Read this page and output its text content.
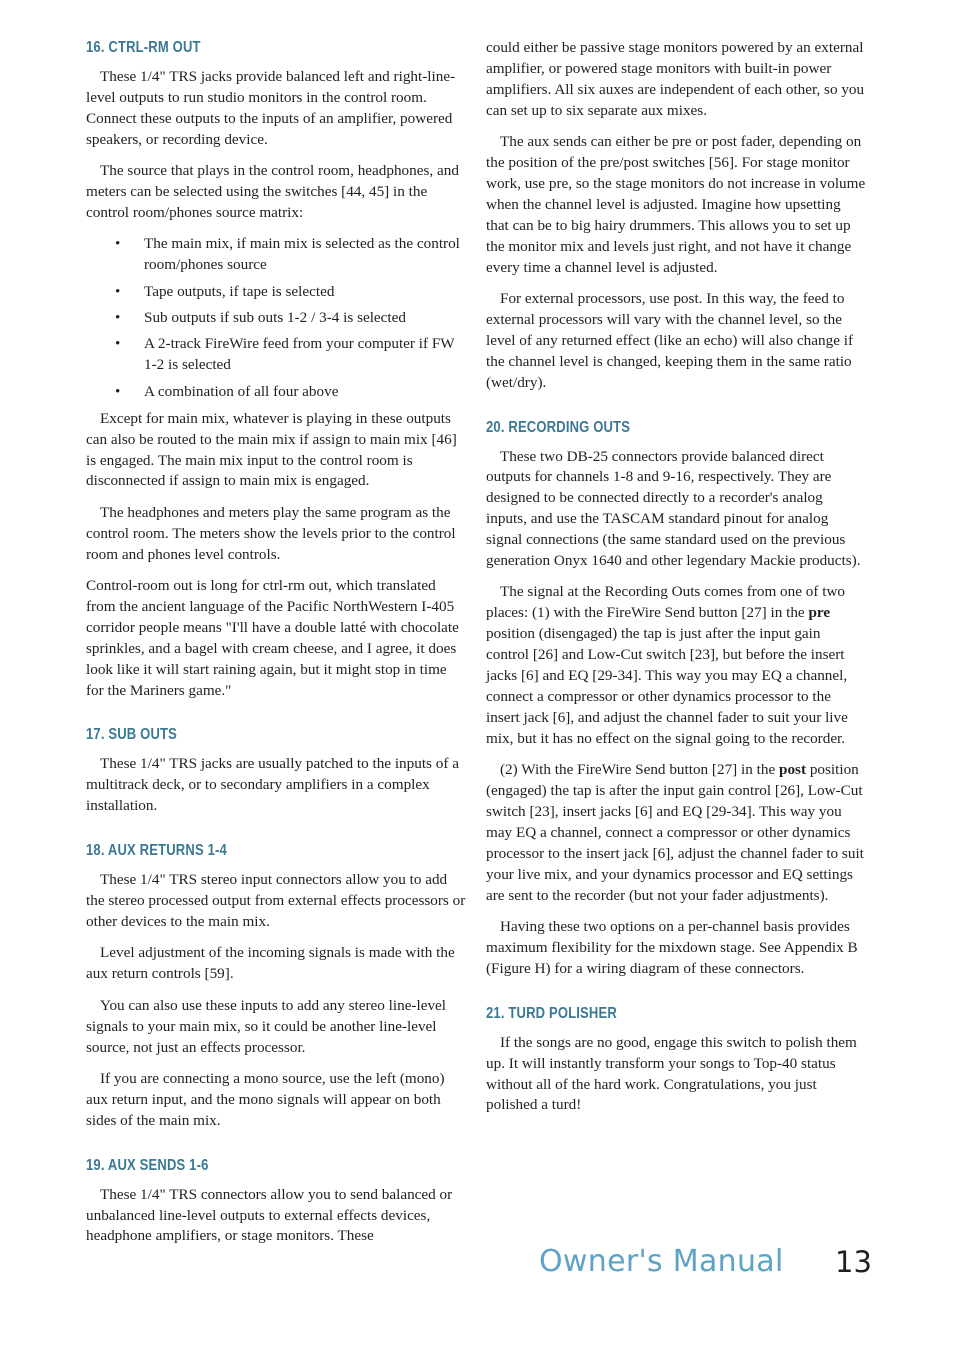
16. CTRL-RM OUT

These 1/4" TRS jacks provide balanced left and right-line-level outputs to run studio monitors in the control room. Connect these outputs to the inputs of an amplifier, powered speakers, or recording device.

The source that plays in the control room, headphones, and meters can be selected using the switches [44, 45] in the control room/phones source matrix:

• The main mix, if main mix is selected as the control room/phones source
• Tape outputs, if tape is selected
• Sub outputs if sub outs 1-2 / 3-4 is selected
• A 2-track FireWire feed from your computer if FW 1-2 is selected
• A combination of all four above

Except for main mix, whatever is playing in these outputs can also be routed to the main mix if assign to main mix [46] is engaged. The main mix input to the control room is disconnected if assign to main mix is engaged.

The headphones and meters play the same program as the control room. The meters show the levels prior to the control room and phones level controls.

Control-room out is long for ctrl-rm out, which translated from the ancient language of the Pacific NorthWestern I-405 corridor people means "I'll have a double latté with chocolate sprinkles, and a bagel with cream cheese, and I agree, it does look like it will start raining again, but it might stop in time for the Mariners game."

17. SUB OUTS

These 1/4" TRS jacks are usually patched to the inputs of a multitrack deck, or to secondary amplifiers in a complex installation.

18. AUX RETURNS 1-4

These 1/4" TRS stereo input connectors allow you to add the stereo processed output from external effects processors or other devices to the main mix.

Level adjustment of the incoming signals is made with the aux return controls [59].

You can also use these inputs to add any stereo line-level signals to your main mix, so it could be another line-level source, not just an effects processor.

If you are connecting a mono source, use the left (mono) aux return input, and the mono signals will appear on both sides of the main mix.

19. AUX SENDS 1-6

These 1/4" TRS connectors allow you to send balanced or unbalanced line-level outputs to external effects devices, headphone amplifiers, or stage monitors. These

could either be passive stage monitors powered by an external amplifier, or powered stage monitors with built-in power amplifiers. All six auxes are independent of each other, so you can set up to six separate aux mixes.

The aux sends can either be pre or post fader, depending on the position of the pre/post switches [56]. For stage monitor work, use pre, so the stage monitors do not increase in volume when the channel level is adjusted. Imagine how upsetting that can be to big hairy drummers. This allows you to set up the monitor mix and levels just right, and not have it change every time a channel level is adjusted.

For external processors, use post. In this way, the feed to external processors will vary with the channel level, so the level of any returned effect (like an echo) will also change if the channel level is changed, keeping them in the same ratio (wet/dry).

20. RECORDING OUTS

These two DB-25 connectors provide balanced direct outputs for channels 1-8 and 9-16, respectively. They are designed to be connected directly to a recorder's analog inputs, and use the TASCAM standard pinout for analog signal connections (the same standard used on the previous generation Onyx 1640 and other legendary Mackie products).

The signal at the Recording Outs comes from one of two places: (1) with the FireWire Send button [27] in the pre position (disengaged) the tap is just after the input gain control [26] and Low-Cut switch [23], but before the insert jacks [6] and EQ [29-34]. This way you may EQ a channel, connect a compressor or other dynamics processor to the insert jack [6], and adjust the channel fader to suit your live mix, but it has no effect on the signal going to the recorder.

(2) With the FireWire Send button [27] in the post position (engaged) the tap is after the input gain control [26], Low-Cut switch [23], insert jacks [6] and EQ [29-34]. This way you may EQ a channel, connect a compressor or other dynamics processor to the insert jack [6], adjust the channel fader to suit your live mix, and your dynamics processor and EQ settings are sent to the recorder (but not your fader adjustments).

Having these two options on a per-channel basis provides maximum flexibility for the mixdown stage. See Appendix B (Figure H) for a wiring diagram of these connectors.

21. TURD POLISHER

If the songs are no good, engage this switch to polish them up. It will instantly transform your songs to Top-40 status without all of the hard work. Congratulations, you just polished a turd!

Owner's Manual 13
